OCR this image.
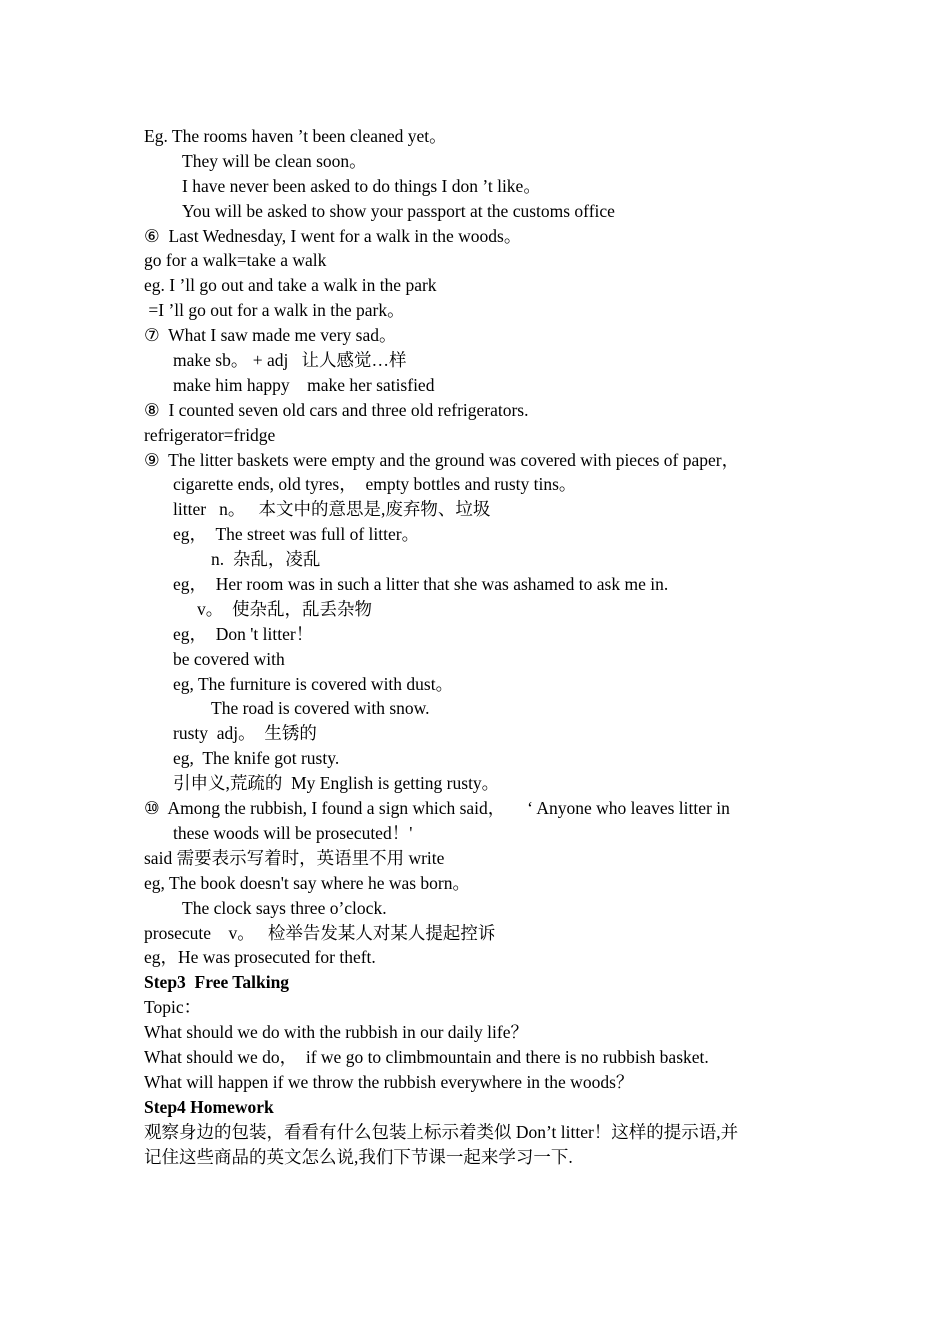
Eg. The rooms haven ’t been cleaned yet。
They will be clean soon。
I have never been asked to do things I don ’t like。
You will be asked to show your passport at the customs office
⑥  Last Wednesday, I went for a walk in the woods。
go for a walk=take a walk
eg. I ’ll go out and take a walk in the park
=I ’ll go out for a walk in the park。
⑦  What I saw made me very sad。
make sb。 + adj   让人感觉…样
make him happy    make her satisfied
⑧  I counted seven old cars and three old refrigerators.
refrigerator=fridge
⑨  The litter baskets were empty and the ground was covered with pieces of paper，
cigarette ends, old tyres，  empty bottles and rusty tins。
litter   n。   本文中的意思是,废弃物、垃圾
eg，  The street was full of litter。
n.  杂乱，凌乱
eg，  Her room was in such a litter that she was ashamed to ask me in.
v。  使杂乱，乱丢杂物
eg，  Don 't litter！
be covered with
eg, The furniture is covered with dust。
The road is covered with snow.
rusty  adj。  生锈的
eg,  The knife got rusty.
引申义,荒疏的  My English is getting rusty。
⑩  Among the rubbish, I found a sign which said，     ‘ Anyone who leaves litter in
these woods will be prosecuted！'
said 需要表示写着时，英语里不用 write
eg, The book doesn't say where he was born。
The clock says three o’clock.
prosecute    v。   检举告发某人对某人提起控诉
eg，He was prosecuted for theft.
Step3  Free Talking
Topic：
What should we do with the rubbish in our daily life？
What should we do，  if we go to climbmountain and there is no rubbish basket.
What will happen if we throw the rubbish everywhere in the woods？
Step4 Homework
观察身边的包装，看看有什么包装上标示着类似 Don’t litter！这样的提示语,并
记住这些商品的英文怎么说,我们下节课一起来学习一下.
